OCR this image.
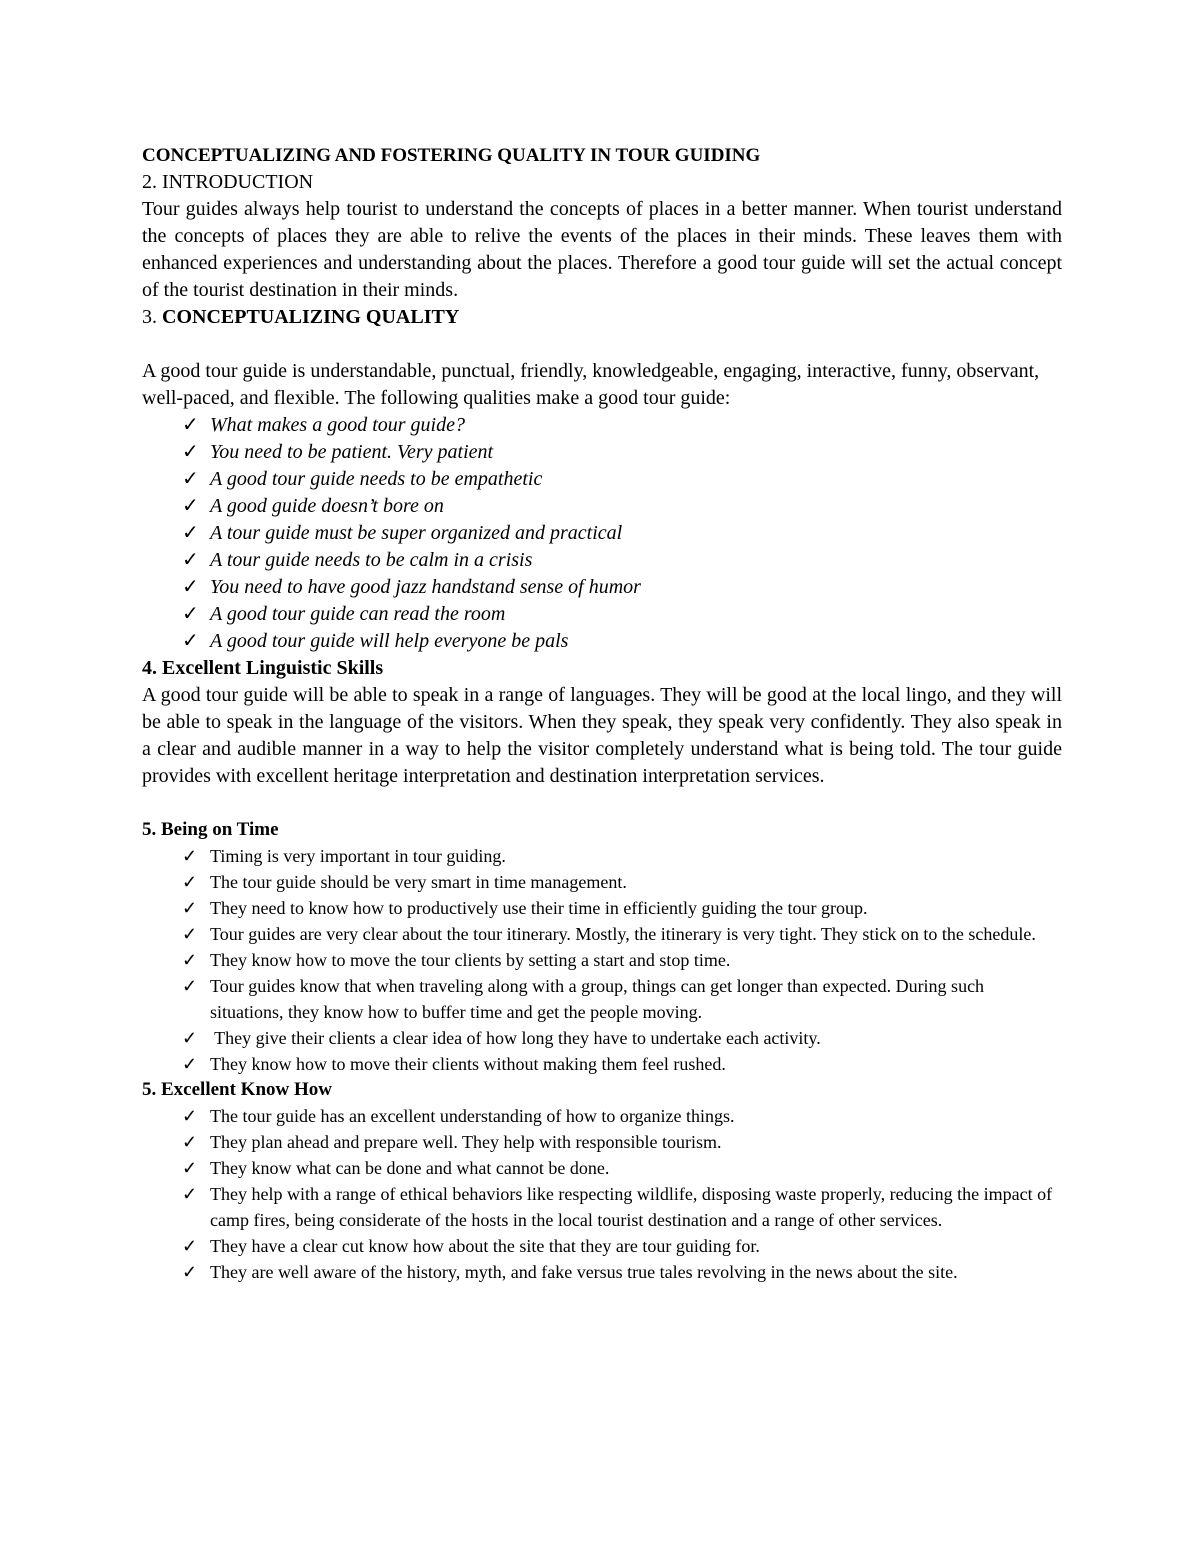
CONCEPTUALIZING AND FOSTERING QUALITY IN TOUR GUIDING

2. INTRODUCTION

Tour guides always help tourist to understand the concepts of places in a better manner. When tourist understand the concepts of places they are able to relive the events of the places in their minds. These leaves them with enhanced experiences and understanding about the places. Therefore a good tour guide will set the actual concept of the tourist destination in their minds.

3. CONCEPTUALIZING QUALITY

A good tour guide is understandable, punctual, friendly, knowledgeable, engaging, interactive, funny, observant, well-paced, and flexible. The following qualities make a good tour guide:

✓ What makes a good tour guide?
✓ You need to be patient. Very patient
✓ A good tour guide needs to be empathetic
✓ A good guide doesn’t bore on
✓ A tour guide must be super organized and practical
✓ A tour guide needs to be calm in a crisis
✓ You need to have good jazz handstand sense of humor
✓ A good tour guide can read the room
✓ A good tour guide will help everyone be pals

4. Excellent Linguistic Skills

A good tour guide will be able to speak in a range of languages. They will be good at the local lingo, and they will be able to speak in the language of the visitors. When they speak, they speak very confidently. They also speak in a clear and audible manner in a way to help the visitor completely understand what is being told. The tour guide provides with excellent heritage interpretation and destination interpretation services.

5. Being on Time

✓ Timing is very important in tour guiding.
✓ The tour guide should be very smart in time management.
✓ They need to know how to productively use their time in efficiently guiding the tour group.
✓ Tour guides are very clear about the tour itinerary. Mostly, the itinerary is very tight. They stick on to the schedule.
✓ They know how to move the tour clients by setting a start and stop time.
✓ Tour guides know that when traveling along with a group, things can get longer than expected. During such situations, they know how to buffer time and get the people moving.
✓ They give their clients a clear idea of how long they have to undertake each activity.
✓ They know how to move their clients without making them feel rushed.

5. Excellent Know How

✓ The tour guide has an excellent understanding of how to organize things.
✓ They plan ahead and prepare well. They help with responsible tourism.
✓ They know what can be done and what cannot be done.
✓ They help with a range of ethical behaviors like respecting wildlife, disposing waste properly, reducing the impact of camp fires, being considerate of the hosts in the local tourist destination and a range of other services.
✓ They have a clear cut know how about the site that they are tour guiding for.
✓ They are well aware of the history, myth, and fake versus true tales revolving in the news about the site.
